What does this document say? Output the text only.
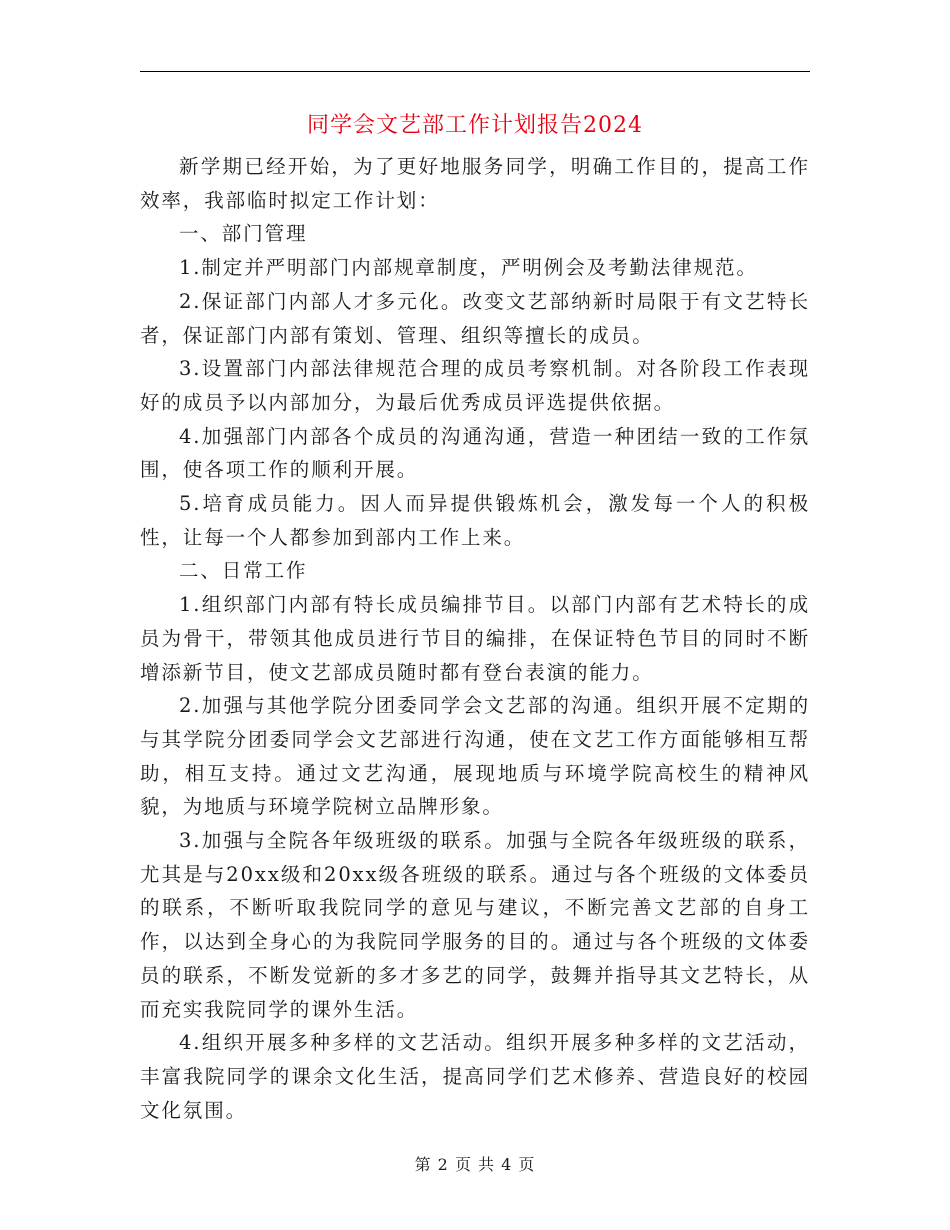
同学会文艺部工作计划报告2024

新学期已经开始，为了更好地服务同学，明确工作目的，提高工作效率，我部临时拟定工作计划：

一、部门管理

1.制定并严明部门内部规章制度，严明例会及考勤法律规范。

2.保证部门内部人才多元化。改变文艺部纳新时局限于有文艺特长者，保证部门内部有策划、管理、组织等擅长的成员。

3.设置部门内部法律规范合理的成员考察机制。对各阶段工作表现好的成员予以内部加分，为最后优秀成员评选提供依据。

4.加强部门内部各个成员的沟通沟通，营造一种团结一致的工作氛围，使各项工作的顺利开展。

5.培育成员能力。因人而异提供锻炼机会，激发每一个人的积极性，让每一个人都参加到部内工作上来。

二、日常工作

1.组织部门内部有特长成员编排节目。以部门内部有艺术特长的成员为骨干，带领其他成员进行节目的编排，在保证特色节目的同时不断增添新节目，使文艺部成员随时都有登台表演的能力。

2.加强与其他学院分团委同学会文艺部的沟通。组织开展不定期的与其学院分团委同学会文艺部进行沟通，使在文艺工作方面能够相互帮助，相互支持。通过文艺沟通，展现地质与环境学院高校生的精神风貌，为地质与环境学院树立品牌形象。

3.加强与全院各年级班级的联系。加强与全院各年级班级的联系，尤其是与20xx级和20xx级各班级的联系。通过与各个班级的文体委员的联系，不断听取我院同学的意见与建议，不断完善文艺部的自身工作，以达到全身心的为我院同学服务的目的。通过与各个班级的文体委员的联系，不断发觉新的多才多艺的同学，鼓舞并指导其文艺特长，从而充实我院同学的课外生活。

4.组织开展多种多样的文艺活动。组织开展多种多样的文艺活动，丰富我院同学的课余文化生活，提高同学们艺术修养、营造良好的校园文化氛围。

第 2 页 共 4 页
